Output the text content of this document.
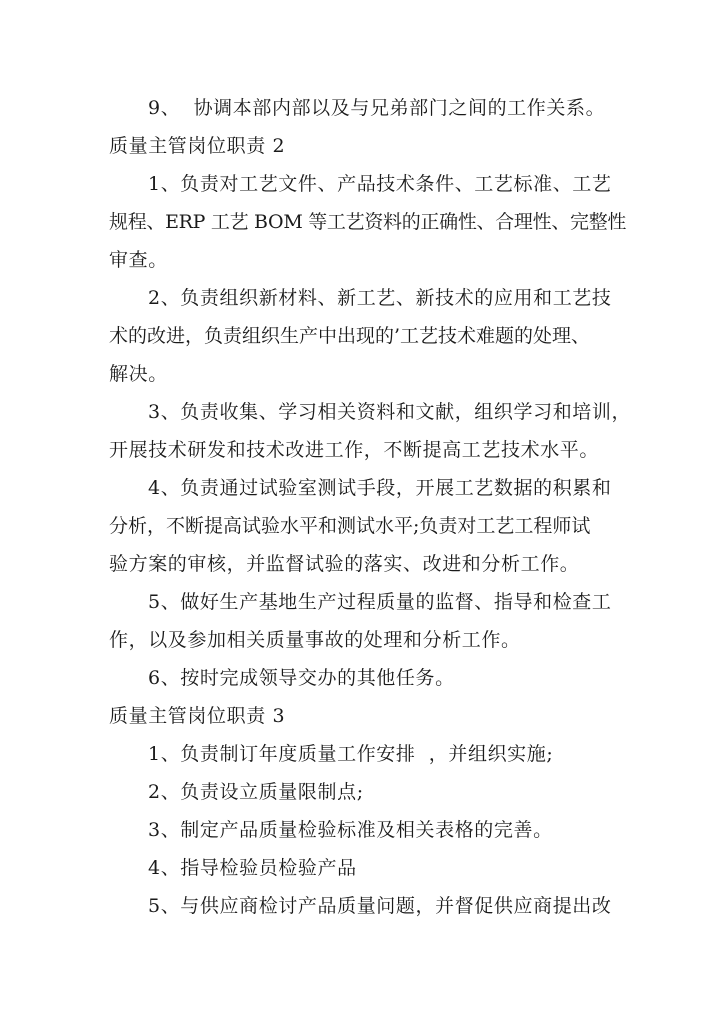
9、  协调本部内部以及与兄弟部门之间的工作关系。
质量主管岗位职责 2
1、负责对工艺文件、产品技术条件、工艺标准、工艺
规程、ERP 工艺 BOM 等工艺资料的正确性、合理性、完整性
审查。
2、负责组织新材料、新工艺、新技术的应用和工艺技
术的改进，负责组织生产中出现的’工艺技术难题的处理、
解决。
3、负责收集、学习相关资料和文献，组织学习和培训，
开展技术研发和技术改进工作，不断提高工艺技术水平。
4、负责通过试验室测试手段，开展工艺数据的积累和
分析，不断提高试验水平和测试水平;负责对工艺工程师试
验方案的审核，并监督试验的落实、改进和分析工作。
5、做好生产基地生产过程质量的监督、指导和检查工
作，以及参加相关质量事故的处理和分析工作。
6、按时完成领导交办的其他任务。
质量主管岗位职责 3
1、负责制订年度质量工作安排  ，并组织实施;
2、负责设立质量限制点;
3、制定产品质量检验标准及相关表格的完善。
4、指导检验员检验产品
5、与供应商检讨产品质量问题，并督促供应商提出改
